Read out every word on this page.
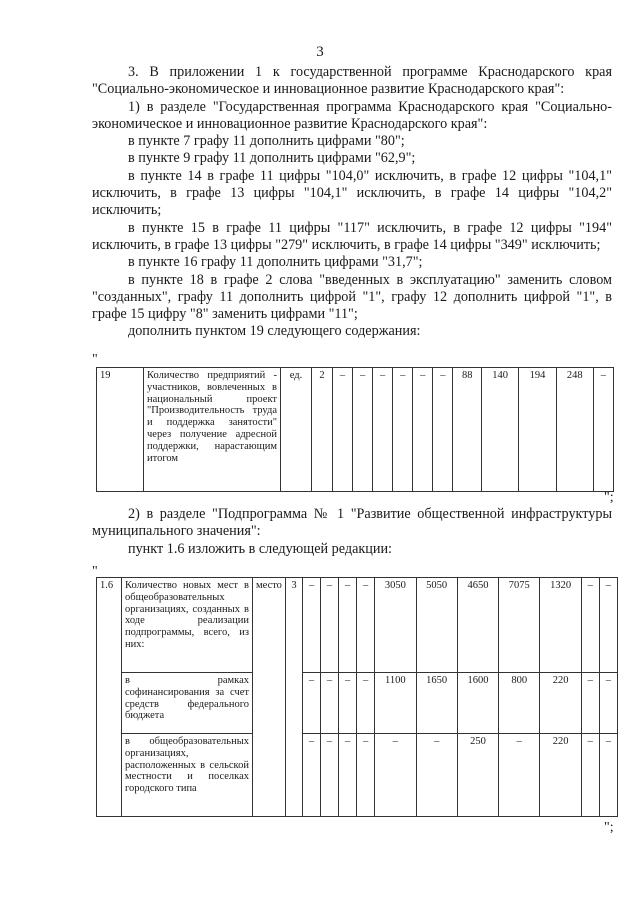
3

3. В приложении 1 к государственной программе Краснодарского края "Социально-экономическое и инновационное развитие Краснодарского края":

1) в разделе "Государственная программа Краснодарского края "Социально-экономическое и инновационное развитие Краснодарского края":

в пункте 7 графу 11 дополнить цифрами "80";

в пункте 9 графу 11 дополнить цифрами "62,9";

в пункте 14 в графе 11 цифры "104,0" исключить, в графе 12 цифры "104,1" исключить, в графе 13 цифры "104,1" исключить, в графе 14 цифры "104,2" исключить;

в пункте 15 в графе 11 цифры "117" исключить, в графе 12 цифры "194" исключить, в графе 13 цифры "279" исключить, в графе 14 цифры "349" исключить;

в пункте 16 графу 11 дополнить цифрами "31,7";

в пункте 18 в графе 2 слова "введенных в эксплуатацию" заменить словом "созданных", графу 11 дополнить цифрой "1", графу 12 дополнить цифрой "1", в графе 15 цифру "8" заменить цифрами "11";

дополнить пунктом 19 следующего содержания:

"
19	Количество предприятий - участников, вовлеченных в национальный проект "Производительность труда и поддержка занятости" через получение адресной поддержки, нарастающим итогом	ед.	2	–	–	–	–	–	–	88	140	194	248	–
";

2) в разделе "Подпрограмма № 1 "Развитие общественной инфраструктуры муниципального значения":

пункт 1.6 изложить в следующей редакции:

"
1.6	Количество новых мест в общеобразовательных организациях, созданных в ходе реализации подпрограммы, всего, из них:	место	3	–	–	–	–	3050	5050	4650	7075	1320	–	–
	в рамках софинансирования за счет средств федерального бюджета			–	–	–	–	1100	1650	1600	800	220	–	–
	в общеобразовательных организациях, расположенных в сельской местности и поселках городского типа			–	–	–	–	–	–	250	–	220	–	–
";
